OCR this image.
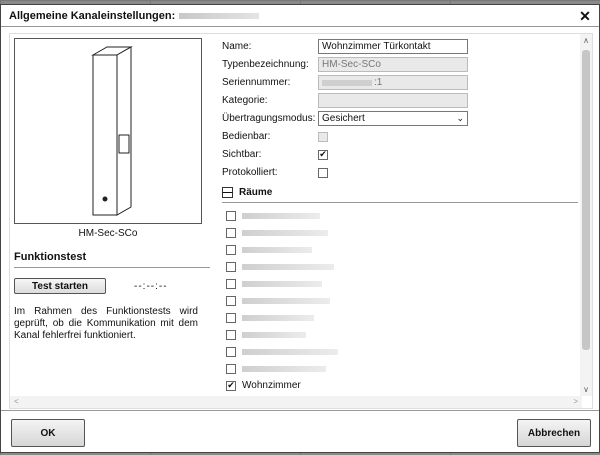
Allgemeine Kanaleinstellungen:	✕
HM-Sec-SCo
Funktionstest
Test starten	--:--:--
Im Rahmen des Funktionstests wird geprüft, ob die Kommunikation mit dem Kanal fehlerfrei funktioniert.
Name:	Wohnzimmer Türkontakt
Typenbezeichnung:	HM-Sec-SCo
Seriennummer:	:1
Kategorie:
Übertragungsmodus: Gesichert	⌄
Bedienbar:
Sichtbar:	✔
Protokolliert:
— Räume
✔ Wohnzimmer
∧
∨
<	>
OK	Abbrechen
